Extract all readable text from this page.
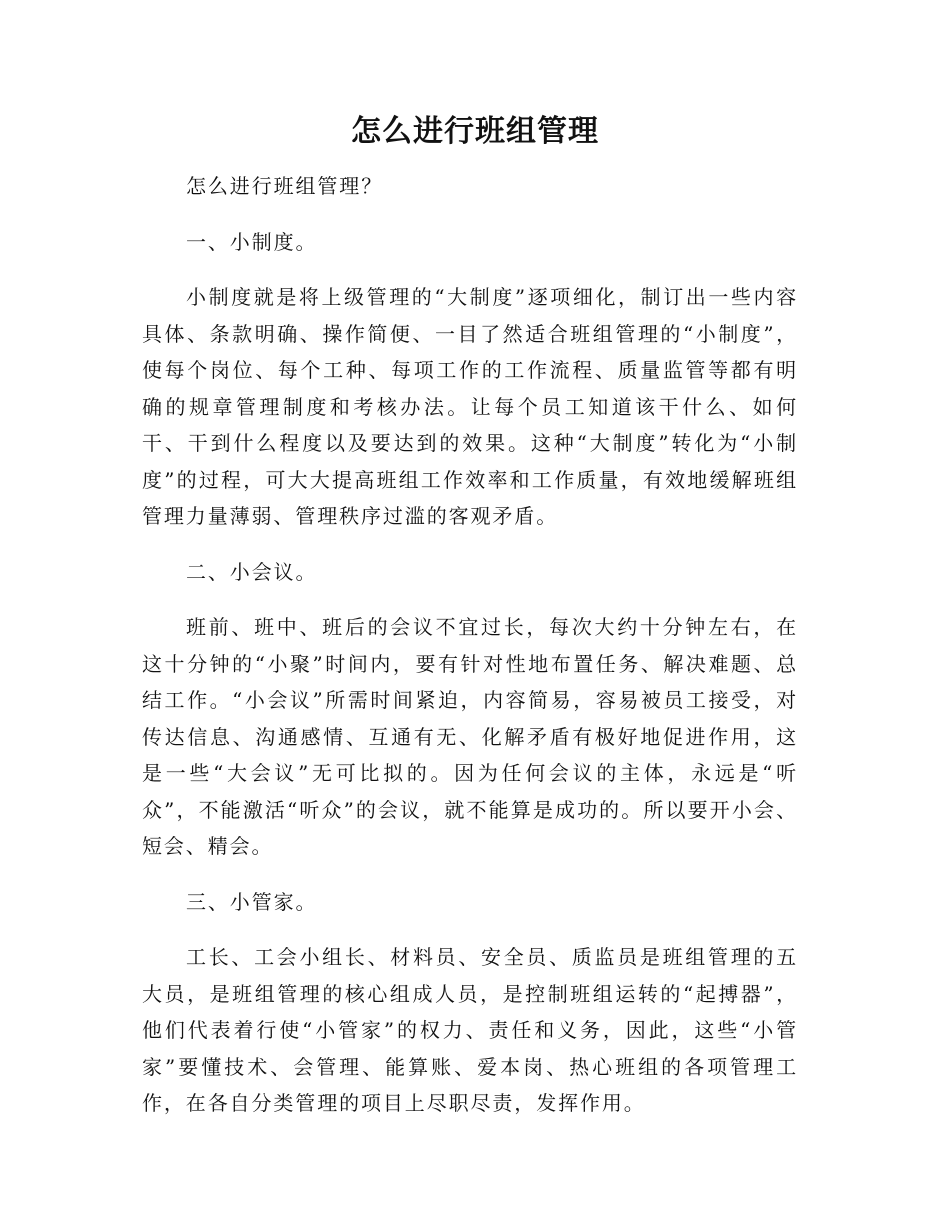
怎么进行班组管理

怎么进行班组管理？

一、小制度。

小制度就是将上级管理的“大制度”逐项细化，制订出一些内容具体、条款明确、操作简便、一目了然适合班组管理的“小制度”，使每个岗位、每个工种、每项工作的工作流程、质量监管等都有明确的规章管理制度和考核办法。让每个员工知道该干什么、如何干、干到什么程度以及要达到的效果。这种“大制度”转化为“小制度”的过程，可大大提高班组工作效率和工作质量，有效地缓解班组管理力量薄弱、管理秩序过滥的客观矛盾。

二、小会议。

班前、班中、班后的会议不宜过长，每次大约十分钟左右，在这十分钟的“小聚”时间内，要有针对性地布置任务、解决难题、总结工作。“小会议”所需时间紧迫，内容简易，容易被员工接受，对传达信息、沟通感情、互通有无、化解矛盾有极好地促进作用，这是一些“大会议”无可比拟的。因为任何会议的主体，永远是“听众”，不能激活“听众”的会议，就不能算是成功的。所以要开小会、短会、精会。

三、小管家。

工长、工会小组长、材料员、安全员、质监员是班组管理的五大员，是班组管理的核心组成人员，是控制班组运转的“起搏器”，他们代表着行使“小管家”的权力、责任和义务，因此，这些“小管家”要懂技术、会管理、能算账、爱本岗、热心班组的各项管理工作，在各自分类管理的项目上尽职尽责，发挥作用。
